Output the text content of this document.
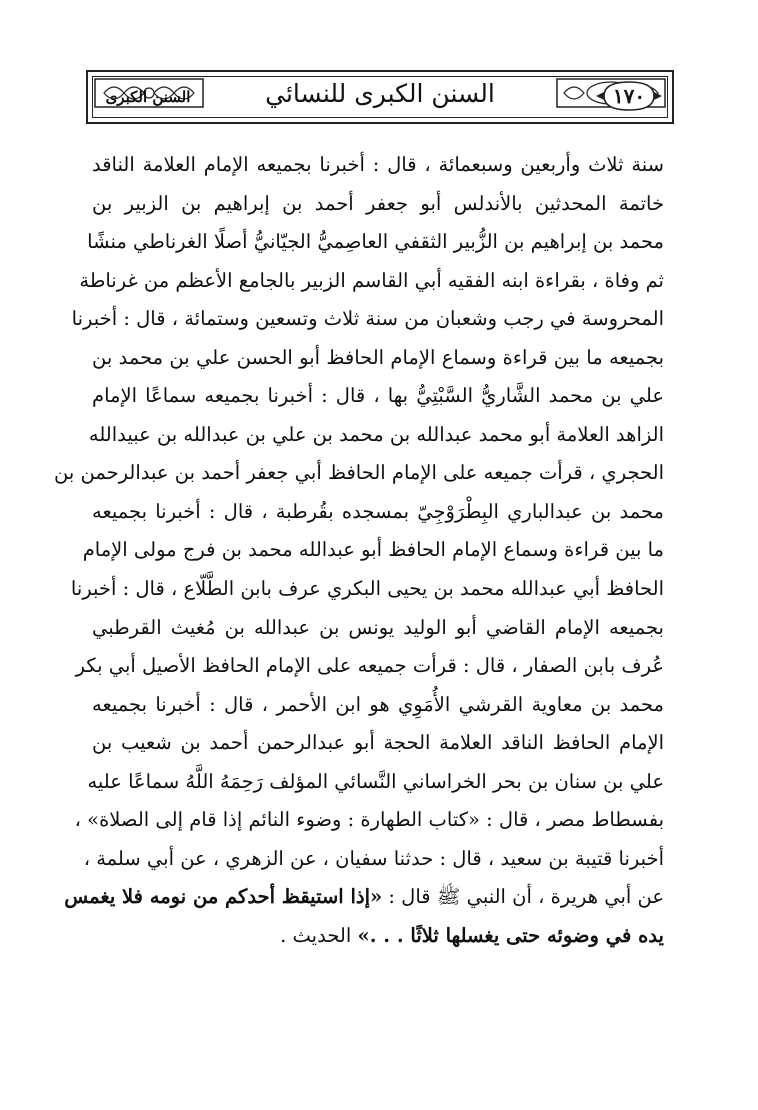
السنن الكبرى للنسائي	١٧٠
السنن الكبرى
سنة ثلاث وأربعين وسبعمائة ، قال : أخبرنا بجميعه الإمام العلامة الناقد
خاتمة المحدثين بالأندلس أبو جعفر أحمد بن إبراهيم بن الزبير بن
محمد بن إبراهيم بن الزُّبير الثقفي العاصِميُّ الجيّانيُّ أصلًا الغرناطي منشًا
ثم وفاة ، بقراءة ابنه الفقيه أبي القاسم الزبير بالجامع الأعظم من غرناطة
المحروسة في رجب وشعبان من سنة ثلاث وتسعين وستمائة ، قال : أخبرنا
بجميعه ما بين قراءة وسماع الإمام الحافظ أبو الحسن علي بن محمد بن
علي بن محمد الشَّاريُّ السَّبْتِيُّ بها ، قال : أخبرنا بجميعه سماعًا الإمام
الزاهد العلامة أبو محمد عبدالله بن محمد بن علي بن عبدالله بن عبيدالله
الحجري ، قرأت جميعه على الإمام الحافظ أبي جعفر أحمد بن عبدالرحمن بن
محمد بن عبدالباري البِطْرَوْجِيّ بمسجده بقُرطبة ، قال : أخبرنا بجميعه
ما بين قراءة وسماع الإمام الحافظ أبو عبدالله محمد بن فرج مولى الإمام
الحافظ أبي عبدالله محمد بن يحيى البكري عرف بابن الطَّلّاع ، قال : أخبرنا
بجميعه الإمام القاضي أبو الوليد يونس بن عبدالله بن مُغيث القرطبي
عُرف بابن الصفار ، قال : قرأت جميعه على الإمام الحافظ الأصيل أبي بكر
محمد بن معاوية القرشي الأُمَوِي هو ابن الأحمر ، قال : أخبرنا بجميعه
الإمام الحافظ الناقد العلامة الحجة أبو عبدالرحمن أحمد بن شعيب بن
علي بن سنان بن بحر الخراساني النَّسائي المؤلف رَحِمَهُ اللَّهُ سماعًا عليه
بفسطاط مصر ، قال : «كتاب الطهارة : وضوء النائم إذا قام إلى الصلاة» ،
أخبرنا قتيبة بن سعيد ، قال : حدثنا سفيان ، عن الزهري ، عن أبي سلمة ،
عن أبي هريرة ، أن النبي ﷺ قال : «إذا استيقظ أحدكم من نومه فلا يغمس
يده في وضوئه حتى يغسلها ثلاثًا . . .» الحديث .
